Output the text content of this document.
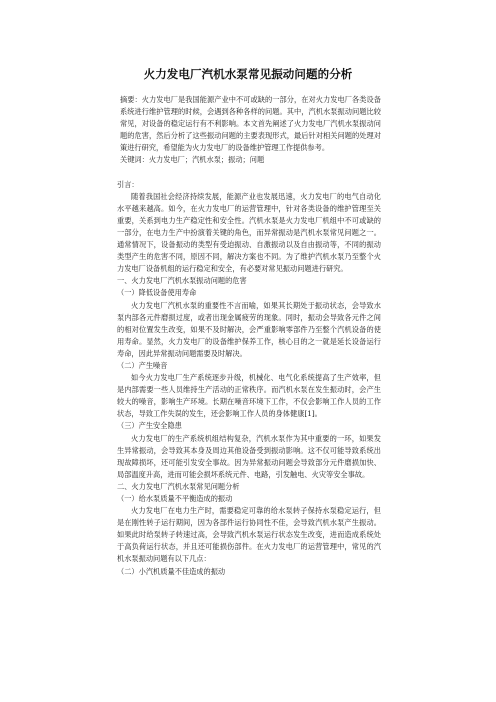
火力发电厂汽机水泵常见振动问题的分析

摘要：火力发电厂是我国能源产业中不可或缺的一部分，在对火力发电厂各类设备系统进行维护管理的时候，会遇到各种各样的问题。其中，汽机水泵振动问题比较常见，对设备的稳定运行有不利影响。本文首先阐述了火力发电厂汽机水泵振动问题的危害，然后分析了这些振动问题的主要表现形式，最后针对相关问题的处理对策进行研究，希望能为火力发电厂的设备维护管理工作提供参考。

关键词：火力发电厂；汽机水泵；振动；问题

引言：

随着我国社会经济持续发展，能源产业也发展迅速，火力发电厂的电气自动化水平越来越高。如今，在火力发电厂的运营管理中，针对各类设备的维护管理至关重要，关系到电力生产稳定性和安全性。汽机水泵是火力发电厂机组中不可或缺的一部分，在电力生产中扮演着关键的角色，而异常振动是汽机水泵常见问题之一。通常情况下，设备振动的类型有受迫振动、自激振动以及自由振动等，不同的振动类型产生的危害不同，原因不同，解决方案也不同。为了维护汽机水泵乃至整个火力发电厂设备机组的运行稳定和安全，有必要对常见振动问题进行研究。

一、火力发电厂汽机水泵振动问题的危害

（一）降低设备使用寿命

火力发电厂汽机水泵的重要性不言而喻，如果其长期处于振动状态，会导致水泵内部各元件磨损过度，或者出现金属疲劳的现象。同时，振动会导致各元件之间的相对位置发生改变，如果不及时解决，会严重影响零部件乃至整个汽机设备的使用寿命。显然，火力发电厂的设备维护保养工作，核心目的之一就是延长设备运行寿命，因此异常振动问题需要及时解决。

（二）产生噪音

如今火力发电厂生产系统逐步升级，机械化、电气化系统提高了生产效率，但是内部需要一些人员维持生产活动的正常秩序。而汽机水泵在发生振动时，会产生较大的噪音，影响生产环境。长期在噪音环境下工作，不仅会影响工作人员的工作状态，导致工作失误的发生，还会影响工作人员的身体健康[1]。

（三）产生安全隐患

火力发电厂的生产系统机组结构复杂，汽机水泵作为其中重要的一环，如果发生异常振动，会导致其本身及周边其他设备受到振动影响。这不仅可能导致系统出现故障损坏，还可能引发安全事故。因为异常振动问题会导致部分元件磨损加快、局部温度升高，进而可能会损坏系统元件、电路，引发触电、火灾等安全事故。

二、火力发电厂汽机水泵常见问题分析

（一）给水泵质量不平衡造成的振动

火力发电厂在电力生产时，需要稳定可靠的给水泵转子保持水泵稳定运行，但是在刚性转子运行期间，因为各部件运行协同性不佳，会导致汽机水泵产生振动。如果此时给泵转子转速过高，会导致汽机水泵运行状态发生改变，进而造成系统处于高负荷运行状态，并且还可能损伤部件。在火力发电厂的运营管理中，常见的汽机水泵振动问题有以下几点：

（二）小汽机质量不佳造成的振动
